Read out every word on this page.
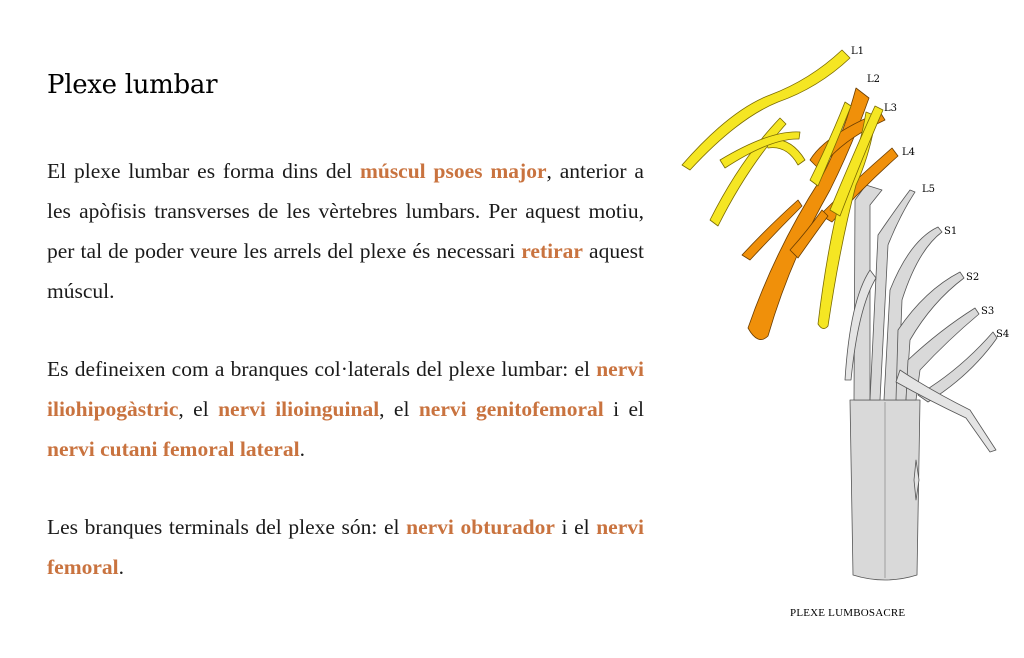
Plexe lumbar

El plexe lumbar es forma dins del múscul psoes major, anterior a les apòfisis transverses de les vèrtebres lumbars. Per aquest motiu, per tal de poder veure les arrels del plexe és necessari retirar aquest múscul.

Es defineixen com a branques col·laterals del plexe lumbar: el nervi iliohipogàstric, el nervi ilioinguinal, el nervi genitofemoral i el nervi cutani femoral lateral.

Les branques terminals del plexe són: el nervi obturador i el nervi femoral.

L1
L2
L3
L4
L5
S1
S2
S3
S4
PLEXE LUMBOSACRE
